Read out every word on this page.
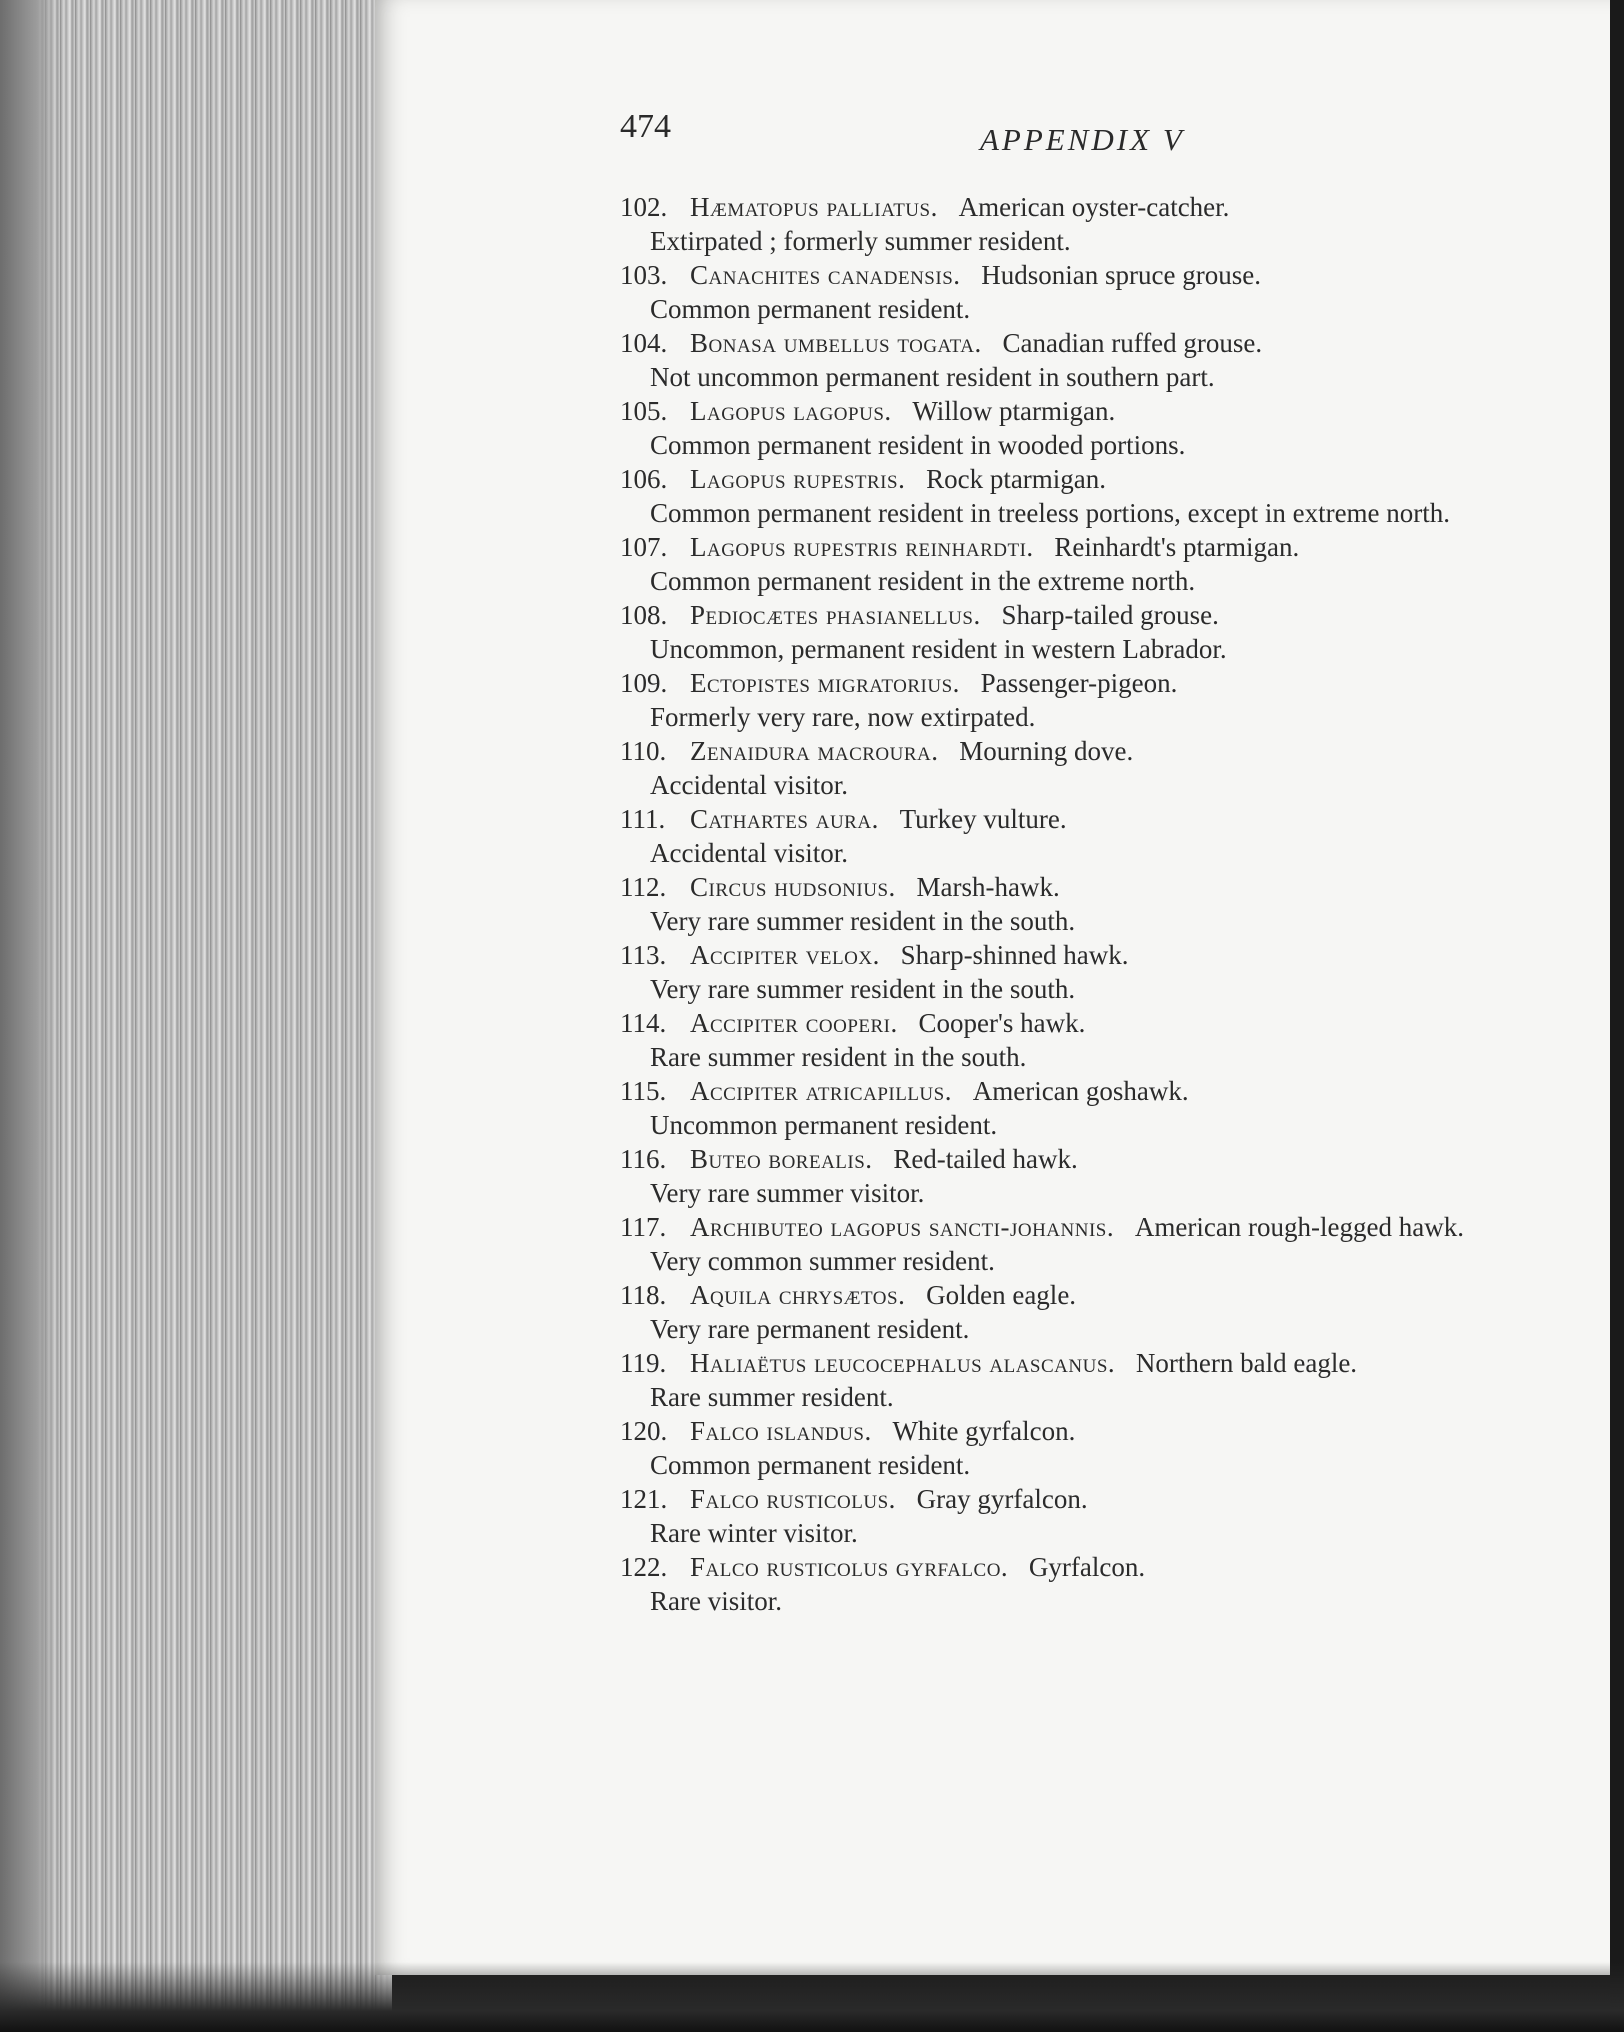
474	APPENDIX V
102. Hæmatopus palliatus. American oyster-catcher.
Extirpated ; formerly summer resident.
103. Canachites canadensis. Hudsonian spruce grouse.
Common permanent resident.
104. Bonasa umbellus togata. Canadian ruffed grouse.
Not uncommon permanent resident in southern part.
105. Lagopus lagopus. Willow ptarmigan.
Common permanent resident in wooded portions.
106. Lagopus rupestris. Rock ptarmigan.
Common permanent resident in treeless portions, except in extreme north.
107. Lagopus rupestris reinhardti. Reinhardt's ptarmigan.
Common permanent resident in the extreme north.
108. Pediocætes phasianellus. Sharp-tailed grouse.
Uncommon, permanent resident in western Labrador.
109. Ectopistes migratorius. Passenger-pigeon.
Formerly very rare, now extirpated.
110. Zenaidura macroura. Mourning dove.
Accidental visitor.
111. Cathartes aura. Turkey vulture.
Accidental visitor.
112. Circus hudsonius. Marsh-hawk.
Very rare summer resident in the south.
113. Accipiter velox. Sharp-shinned hawk.
Very rare summer resident in the south.
114. Accipiter cooperi. Cooper's hawk.
Rare summer resident in the south.
115. Accipiter atricapillus. American goshawk.
Uncommon permanent resident.
116. Buteo borealis. Red-tailed hawk.
Very rare summer visitor.
117. Archibuteo lagopus sancti-johannis. American rough-legged hawk.
Very common summer resident.
118. Aquila chrysætos. Golden eagle.
Very rare permanent resident.
119. Haliaëtus leucocephalus alascanus. Northern bald eagle.
Rare summer resident.
120. Falco islandus. White gyrfalcon.
Common permanent resident.
121. Falco rusticolus. Gray gyrfalcon.
Rare winter visitor.
122. Falco rusticolus gyrfalco. Gyrfalcon.
Rare visitor.
